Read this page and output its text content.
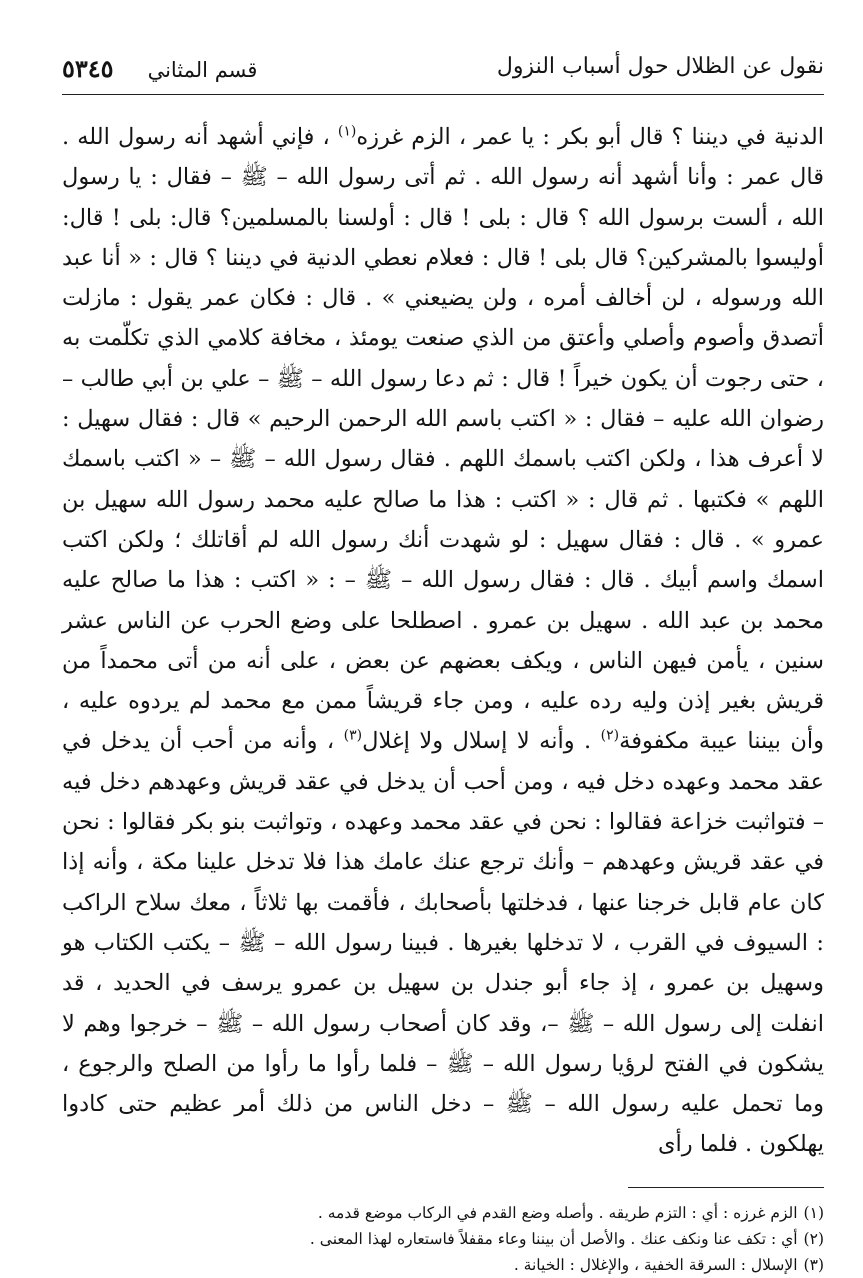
نقول عن الظلال حول أسباب النزول
قسم المثاني
٥٣٤٥

الدنية في ديننا ؟ قال أبو بكر : يا عمر ، الزم غرزه$^{(١)}$ ، فإني أشهد أنه رسول الله . قال عمر : وأنا أشهد أنه رسول الله . ثم أتى رسول الله – ﷺ – فقال : يا رسول الله ، ألست برسول الله ؟ قال : بلى ! قال : أولسنا بالمسلمين؟ قال: بلى ! قال: أوليسوا بالمشركين؟ قال بلى ! قال : فعلام نعطي الدنية في ديننا ؟ قال : « أنا عبد الله ورسوله ، لن أخالف أمره ، ولن يضيعني » . قال : فكان عمر يقول : مازلت أتصدق وأصوم وأصلي وأعتق من الذي صنعت يومئذ ، مخافة كلامي الذي تكلّمت به ، حتى رجوت أن يكون خيراً ! قال : ثم دعا رسول الله – ﷺ – علي بن أبي طالب – رضوان الله عليه – فقال : « اكتب باسم الله الرحمن الرحيم » قال : فقال سهيل : لا أعرف هذا ، ولكن اكتب باسمك اللهم . فقال رسول الله – ﷺ – « اكتب باسمك اللهم » فكتبها . ثم قال : « اكتب : هذا ما صالح عليه محمد رسول الله سهيل بن عمرو » . قال : فقال سهيل : لو شهدت أنك رسول الله لم أقاتلك ؛ ولكن اكتب اسمك واسم أبيك . قال : فقال رسول الله – ﷺ – : « اكتب : هذا ما صالح عليه محمد بن عبد الله . سهيل بن عمرو . اصطلحا على وضع الحرب عن الناس عشر سنين ، يأمن فيهن الناس ، ويكف بعضهم عن بعض ، على أنه من أتى محمداً من قريش بغير إذن وليه رده عليه ، ومن جاء قريشاً ممن مع محمد لم يردوه عليه ، وأن بيننا عيبة مكفوفة$^{(٢)}$ . وأنه لا إسلال ولا إغلال$^{(٣)}$ ، وأنه من أحب أن يدخل في عقد محمد وعهده دخل فيه ، ومن أحب أن يدخل في عقد قريش وعهدهم دخل فيه – فتواثبت خزاعة فقالوا : نحن في عقد محمد وعهده ، وتواثبت بنو بكر فقالوا : نحن في عقد قريش وعهدهم – وأنك ترجع عنك عامك هذا فلا تدخل علينا مكة ، وأنه إذا كان عام قابل خرجنا عنها ، فدخلتها بأصحابك ، فأقمت بها ثلاثاً ، معك سلاح الراكب : السيوف في القرب ، لا تدخلها بغيرها . فبينا رسول الله – ﷺ – يكتب الكتاب هو وسهيل بن عمرو ، إذ جاء أبو جندل بن سهيل بن عمرو يرسف في الحديد ، قد انفلت إلى رسول الله – ﷺ –، وقد كان أصحاب رسول الله – ﷺ – خرجوا وهم لا يشكون في الفتح لرؤيا رسول الله – ﷺ – فلما رأوا ما رأوا من الصلح والرجوع ، وما تحمل عليه رسول الله – ﷺ – دخل الناس من ذلك أمر عظيم حتى كادوا يهلكون . فلما رأى

(١)الزم غرزه : أي : التزم طريقه . وأصله وضع القدم في الركاب موضع قدمه .

(٢)أي : تكف عنا ونكف عنك . والأصل أن بيننا وعاء مقفلاً فاستعاره لهذا المعنى .

(٣)الإسلال : السرقة الخفية ، والإغلال : الخيانة .
